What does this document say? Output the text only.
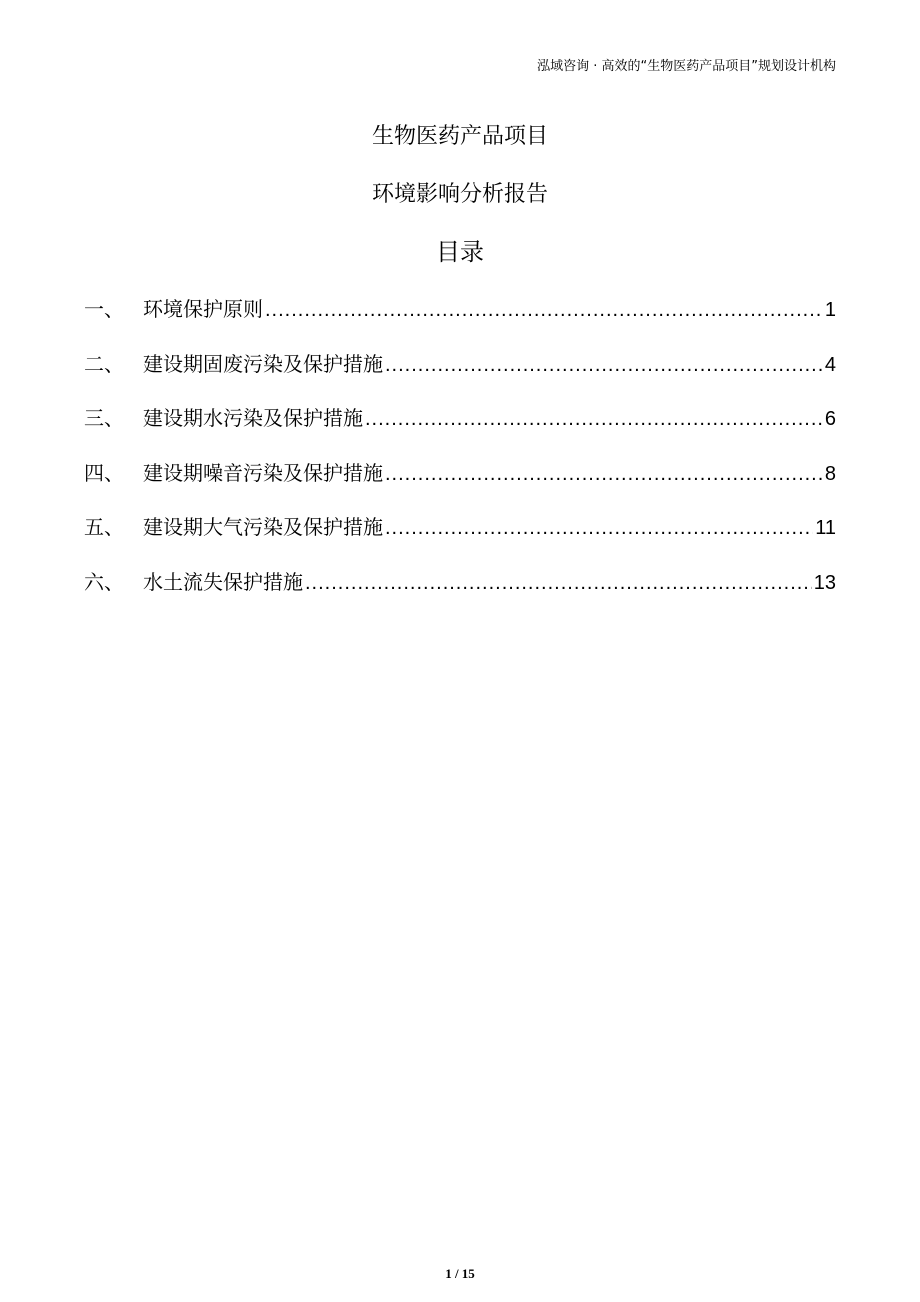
泓域咨询 · 高效的“生物医药产品项目”规划设计机构
生物医药产品项目
环境影响分析报告
目录
一、 环境保护原则 .....	1
二、 建设期固废污染及保护措施 .....	4
三、 建设期水污染及保护措施 .....	6
四、 建设期噪音污染及保护措施 .....	8
五、 建设期大气污染及保护措施 .....	11
六、 水土流失保护措施 .....	13
1 / 15
